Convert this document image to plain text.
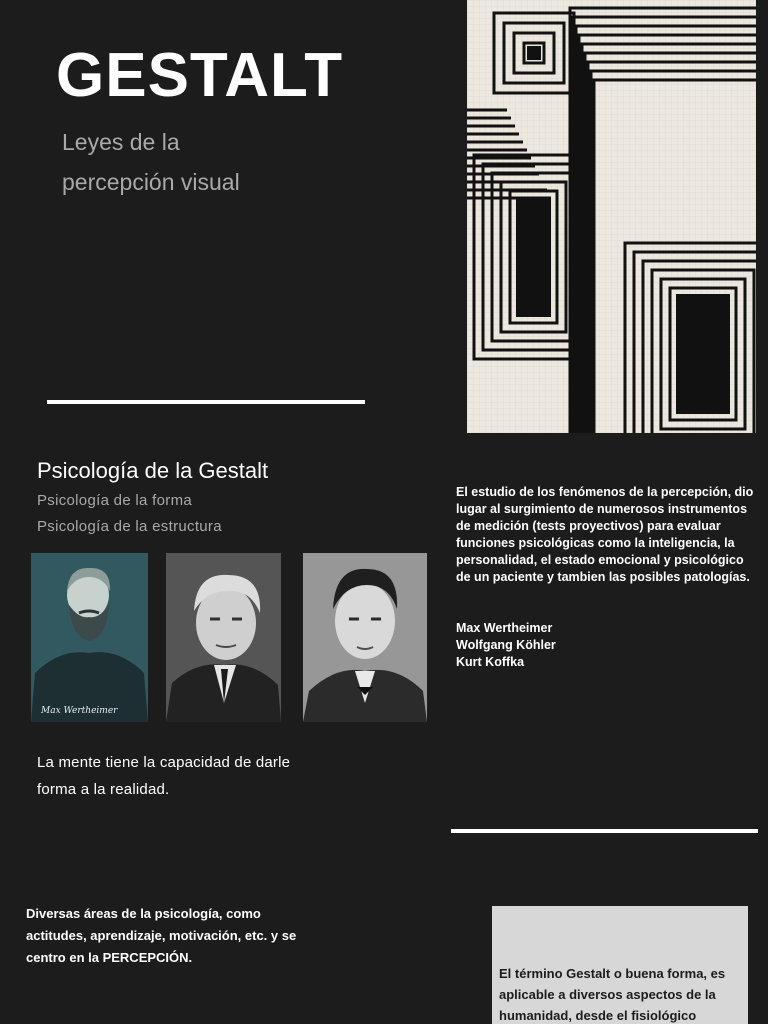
GESTALT
Leyes de la
percepción visual
Psicología de la Gestalt
Psicología de la forma
Psicología de la estructura
Max Wertheimer
El estudio de los fenómenos de la percepción, dio lugar al surgimiento de numerosos instrumentos de medición (tests proyectivos) para evaluar funciones psicológicas como la inteligencia, la personalidad, el estado emocional y psicológico de un paciente y tambien las posibles patologías.
Max Wertheimer
Wolfgang Köhler
Kurt Koffka
La mente tiene la capacidad de darle forma a la realidad.
Diversas áreas de la psicología, como actitudes, aprendizaje, motivación, etc. y se centro en la PERCEPCIÓN.
El término Gestalt o buena forma, es aplicable a diversos aspectos de la humanidad, desde el fisiológico
